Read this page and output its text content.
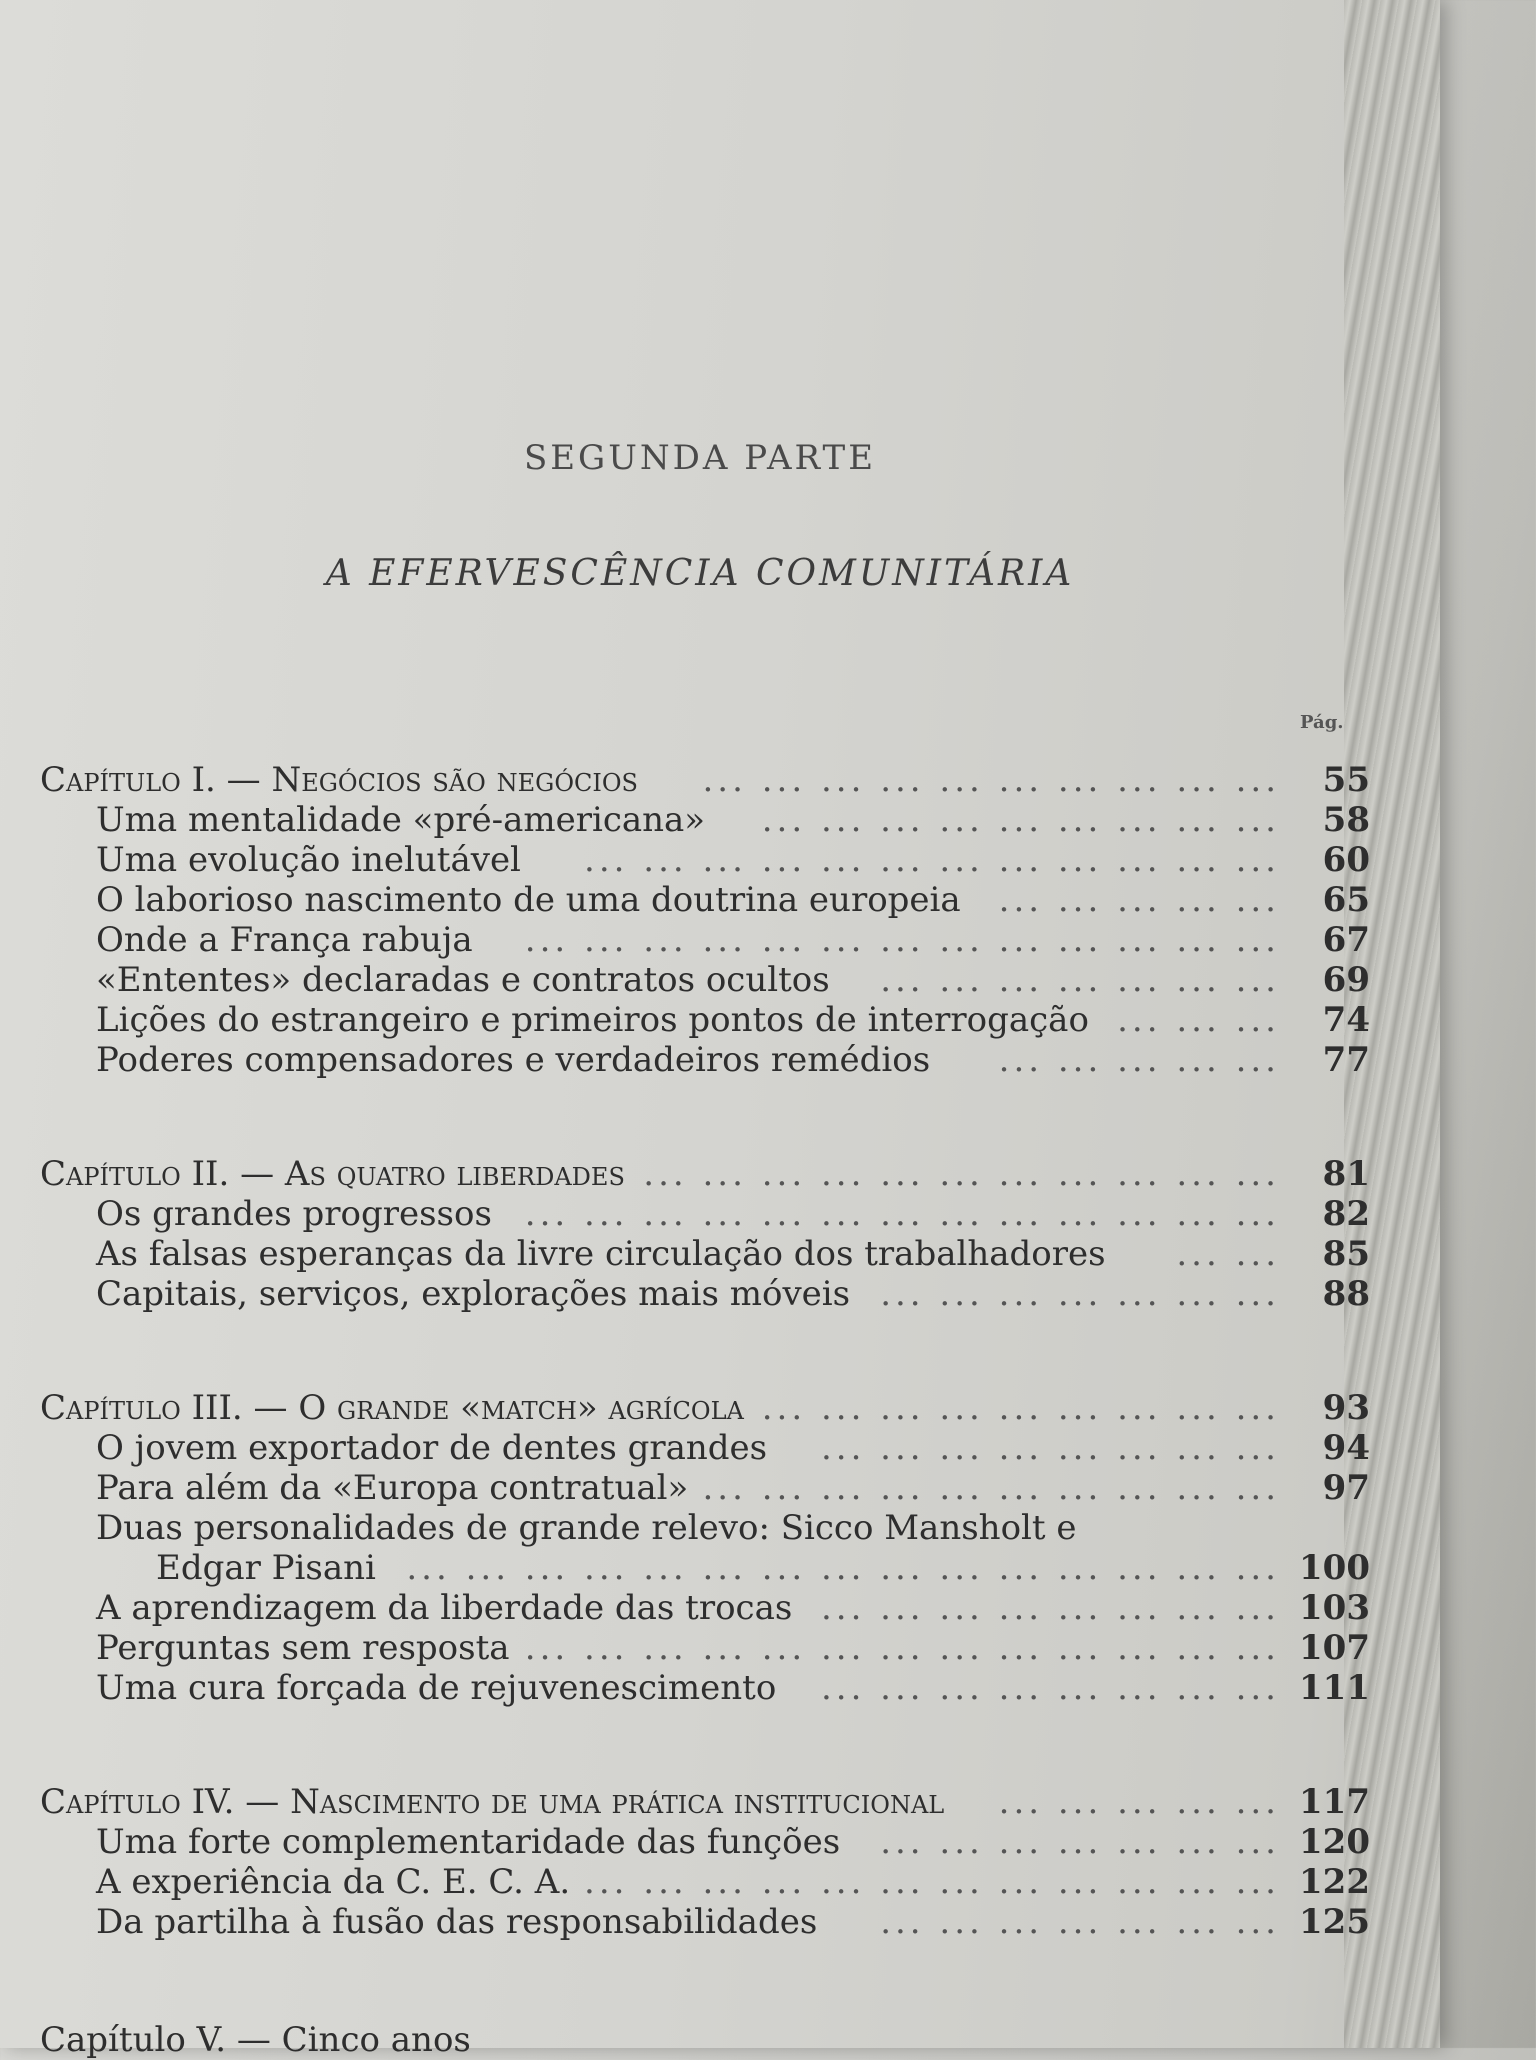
SEGUNDA PARTE
A EFERVESCÊNCIA COMUNITÁRIA
Pág.
Capítulo I. — Negócios são negócios ... ... ... ... ... ... ... ... ... ...	55
Uma mentalidade «pré-americana» ... ... ... ... ... ... ... ... ...	58
Uma evolução inelutável ... ... ... ... ... ... ... ... ... ... ... ...	60
O laborioso nascimento de uma doutrina europeia ... ... ... ... ...	65
Onde a França rabuja ... ... ... ... ... ... ... ... ... ... ... ... ...	67
«Ententes» declaradas e contratos ocultos ... ... ... ... ... ... ...	69
Lições do estrangeiro e primeiros pontos de interrogação ... ... ...	74
Poderes compensadores e verdadeiros remédios ... ... ... ... ...	77
Capítulo II. — As quatro liberdades ... ... ... ... ... ... ... ... ... ... ...	81
Os grandes progressos ... ... ... ... ... ... ... ... ... ... ... ... ...	82
As falsas esperanças da livre circulação dos trabalhadores ... ...	85
Capitais, serviços, explorações mais móveis ... ... ... ... ... ... ...	88
Capítulo III. — O grande «match» agrícola ... ... ... ... ... ... ... ... ...	93
O jovem exportador de dentes grandes ... ... ... ... ... ... ... ...	94
Para além da «Europa contratual» ... ... ... ... ... ... ... ... ... ...	97
Duas personalidades de grande relevo: Sicco Mansholt e
Edgar Pisani ... ... ... ... ... ... ... ... ... ... ... ... ... ... ... 100
A aprendizagem da liberdade das trocas ... ... ... ... ... ... ... ... 103
Perguntas sem resposta ... ... ... ... ... ... ... ... ... ... ... ... ... 107
Uma cura forçada de rejuvenescimento ... ... ... ... ... ... ... ... 111
Capítulo IV. — Nascimento de uma prática institucional ... ... ... ... ... 117
Uma forte complementaridade das funções ... ... ... ... ... ... ... 120
A experiência da C. E. C. A. ... ... ... ... ... ... ... ... ... ... ... ... 122
Da partilha à fusão das responsabilidades ... ... ... ... ... ... ... 125
Capítulo V. — Cinco anos
